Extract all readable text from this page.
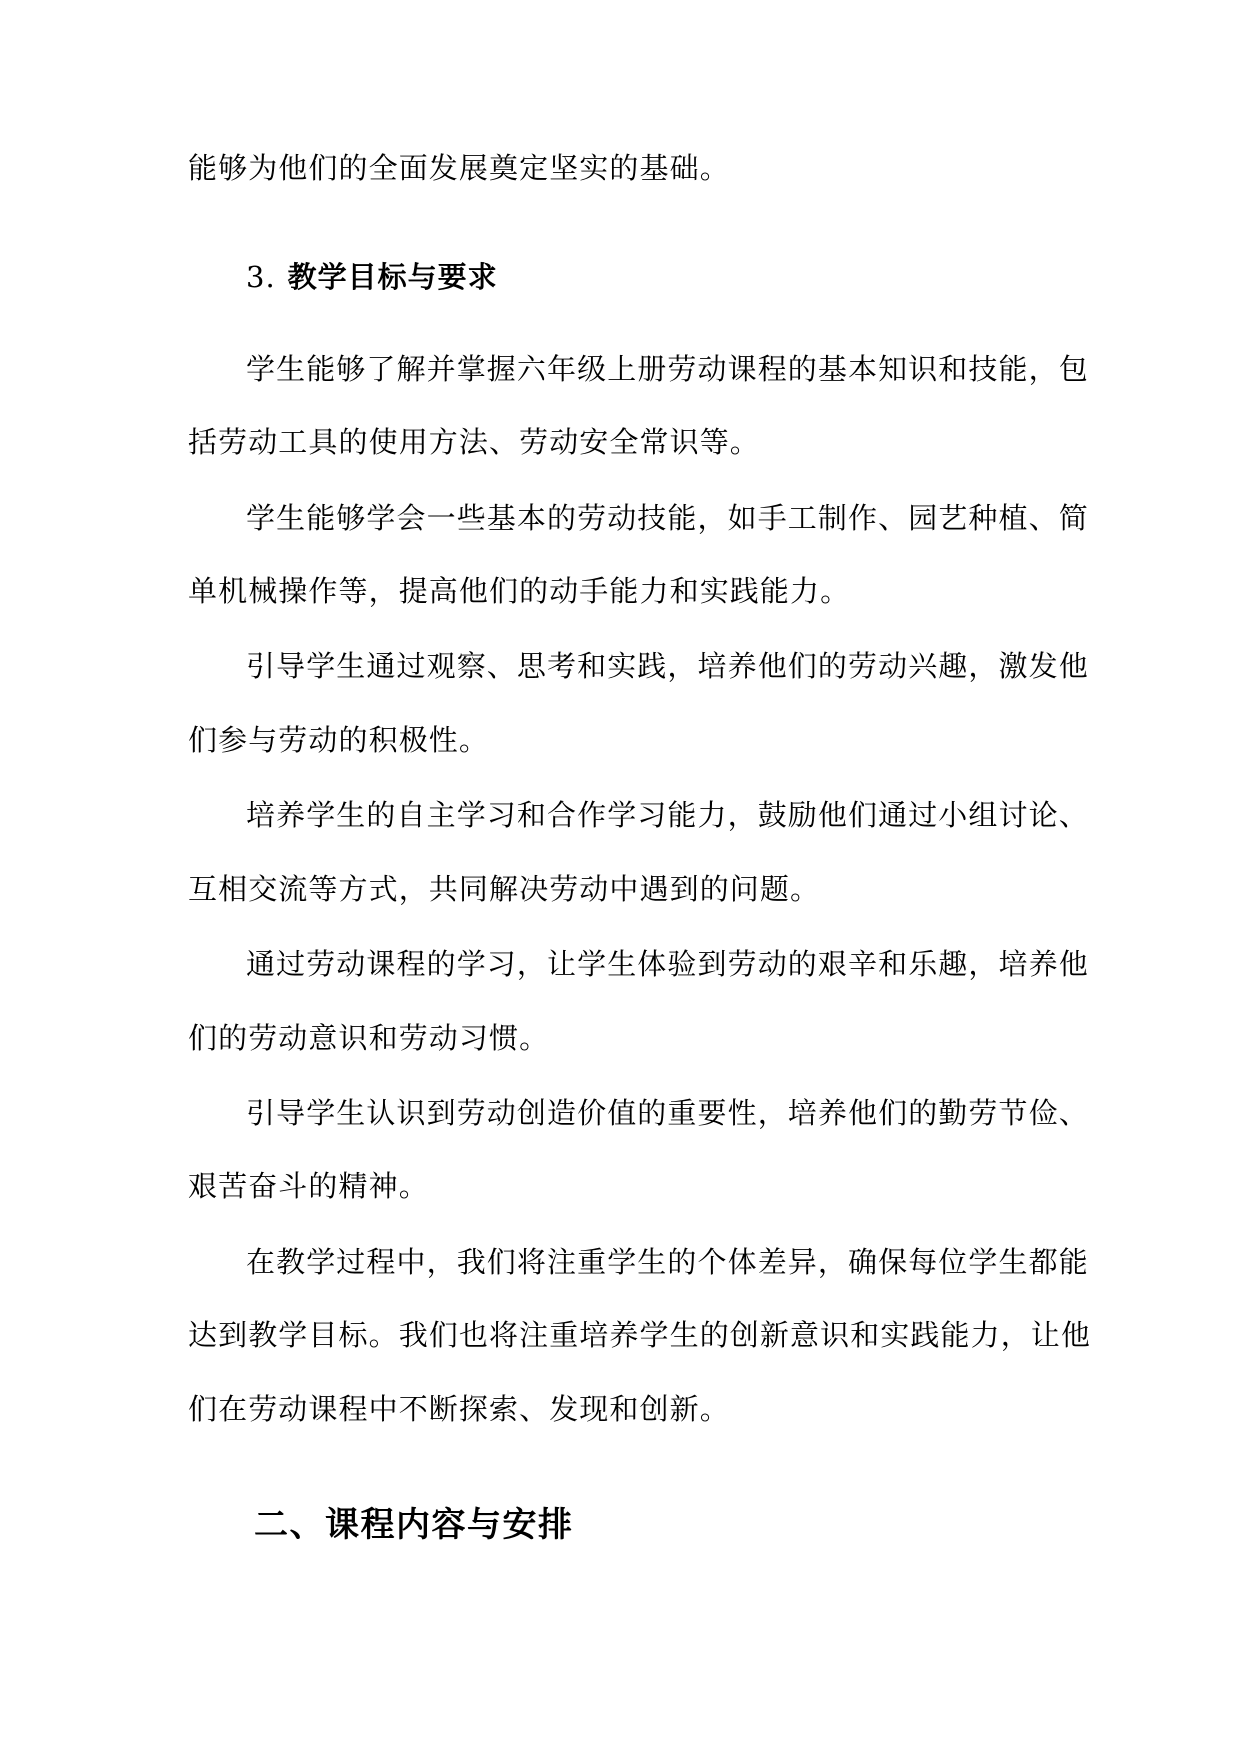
能够为他们的全面发展奠定坚实的基础。
3. 教学目标与要求
学生能够了解并掌握六年级上册劳动课程的基本知识和技能，包
括劳动工具的使用方法、劳动安全常识等。
学生能够学会一些基本的劳动技能，如手工制作、园艺种植、简
单机械操作等，提高他们的动手能力和实践能力。
引导学生通过观察、思考和实践，培养他们的劳动兴趣，激发他
们参与劳动的积极性。
培养学生的自主学习和合作学习能力，鼓励他们通过小组讨论、
互相交流等方式，共同解决劳动中遇到的问题。
通过劳动课程的学习，让学生体验到劳动的艰辛和乐趣，培养他
们的劳动意识和劳动习惯。
引导学生认识到劳动创造价值的重要性，培养他们的勤劳节俭、
艰苦奋斗的精神。
在教学过程中，我们将注重学生的个体差异，确保每位学生都能
达到教学目标。我们也将注重培养学生的创新意识和实践能力，让他
们在劳动课程中不断探索、发现和创新。
二、课程内容与安排
